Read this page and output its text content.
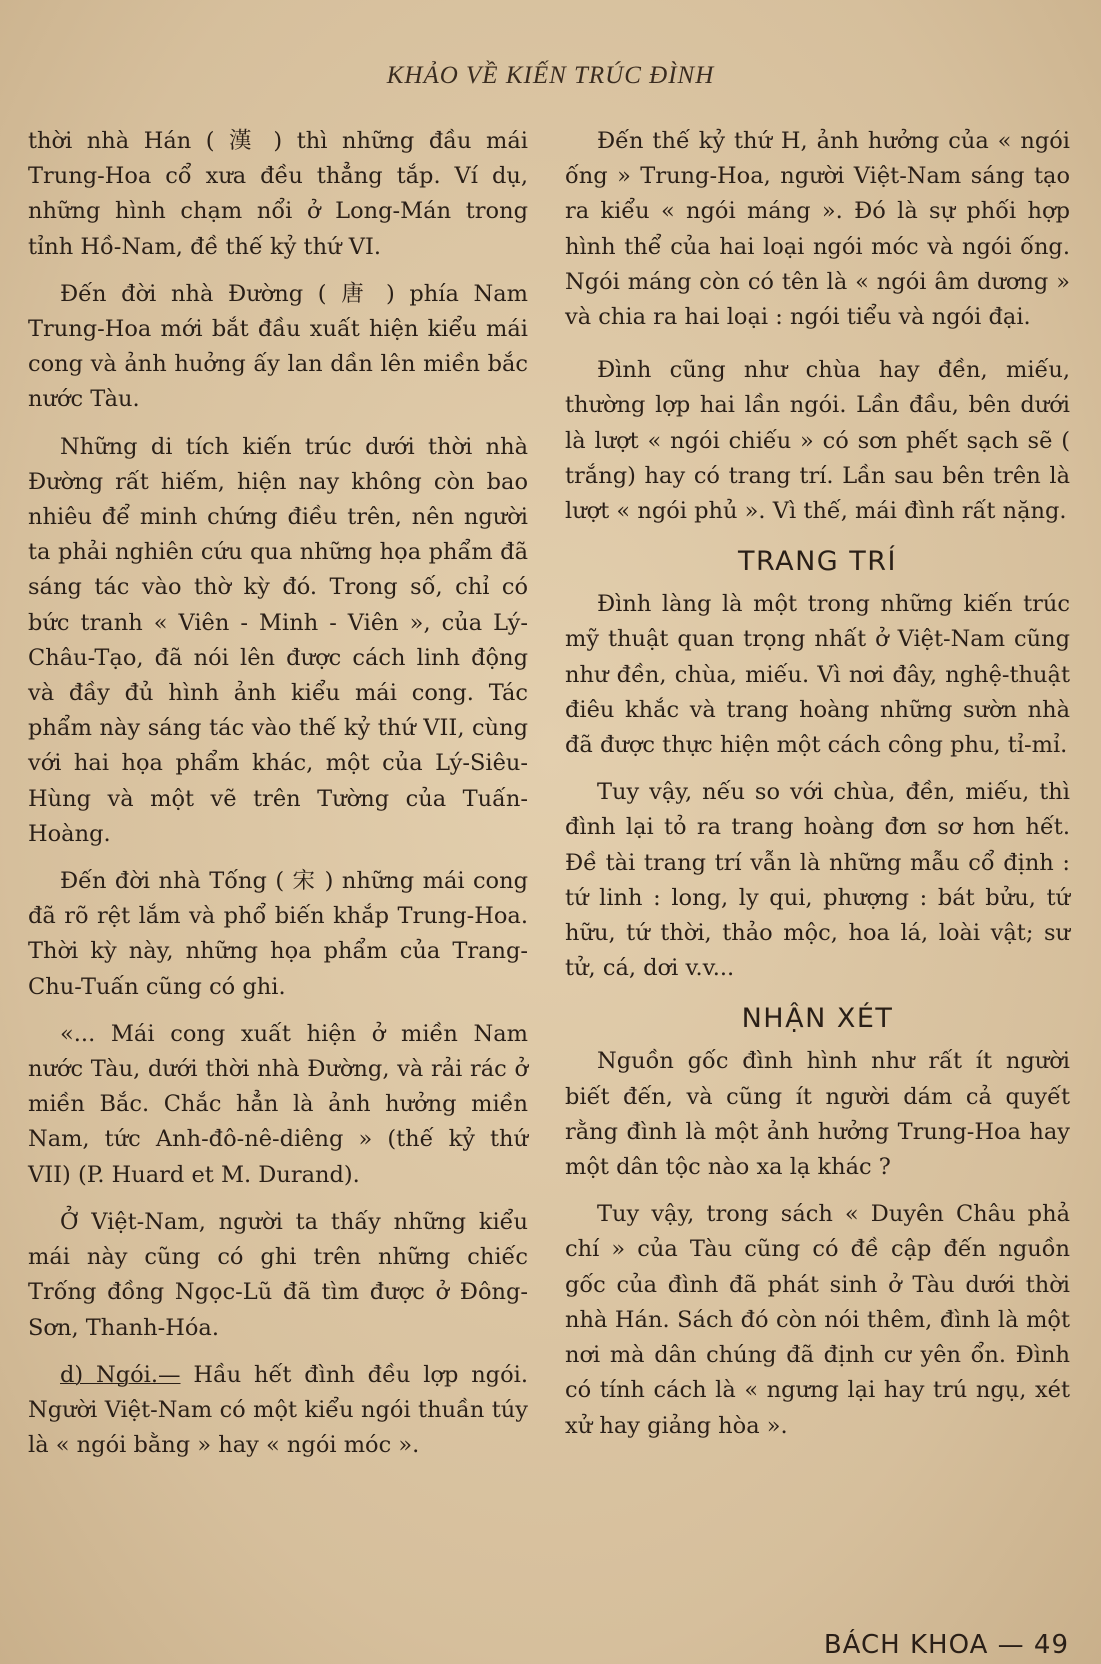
KHẢO VỀ KIẾN TRÚC ĐÌNH

thời nhà Hán ( 漢 ) thì những đầu mái Trung-Hoa cổ xưa đều thẳng tắp. Ví dụ, những hình chạm nổi ở Long-Mán trong tỉnh Hồ-Nam, đề thế kỷ thứ VI.

Đến đời nhà Đường ( 唐 ) phía Nam Trung-Hoa mới bắt đầu xuất hiện kiểu mái cong và ảnh huởng ấy lan dần lên miền bắc nước Tàu.

Những di tích kiến trúc dưới thời nhà Đường rất hiếm, hiện nay không còn bao nhiêu để minh chứng điều trên, nên người ta phải nghiên cứu qua những họa phẩm đã sáng tác vào thờ kỳ đó. Trong số, chỉ có bức tranh « Viên - Minh - Viên », của Lý-Châu-Tạo, đã nói lên được cách linh động và đầy đủ hình ảnh kiểu mái cong. Tác phẩm này sáng tác vào thế kỷ thứ VII, cùng với hai họa phẩm khác, một của Lý-Siêu-Hùng và một vẽ trên Tường của Tuấn-Hoàng.

Đến đời nhà Tống ( 宋 ) những mái cong đã rõ rệt lắm và phổ biến khắp Trung-Hoa. Thời kỳ này, những họa phẩm của Trang-Chu-Tuấn cũng có ghi.

«... Mái cong xuất hiện ở miền Nam nước Tàu, dưới thời nhà Đường, và rải rác ở miền Bắc. Chắc hẳn là ảnh hưởng miền Nam, tức Anh-đô-nê-diêng » (thế kỷ thứ VII) (P. Huard et M. Durand).

Ở Việt-Nam, người ta thấy những kiểu mái này cũng có ghi trên những chiếc Trống đồng Ngọc-Lũ đã tìm được ở Đông-Sơn, Thanh-Hóa.

d) Ngói.— Hầu hết đình đều lợp ngói. Người Việt-Nam có một kiểu ngói thuần túy là « ngói bằng » hay « ngói móc ».

Đến thế kỷ thứ H, ảnh hưởng của « ngói ống » Trung-Hoa, người Việt-Nam sáng tạo ra kiểu « ngói máng ». Đó là sự phối hợp hình thể của hai loại ngói móc và ngói ống. Ngói máng còn có tên là « ngói âm dương » và chia ra hai loại : ngói tiểu và ngói đại.

Đình cũng như chùa hay đền, miếu, thường lợp hai lần ngói. Lần đầu, bên dưới là lượt « ngói chiếu » có sơn phết sạch sẽ ( trắng) hay có trang trí. Lần sau bên trên là lượt « ngói phủ ». Vì thế, mái đình rất nặng.

TRANG TRÍ

Đình làng là một trong những kiến trúc mỹ thuật quan trọng nhất ở Việt-Nam cũng như đền, chùa, miếu. Vì nơi đây, nghệ-thuật điêu khắc và trang hoàng những sườn nhà đã được thực hiện một cách công phu, tỉ-mỉ.

Tuy vậy, nếu so với chùa, đền, miếu, thì đình lại tỏ ra trang hoàng đơn sơ hơn hết. Đề tài trang trí vẫn là những mẫu cổ định : tứ linh : long, ly qui, phượng : bát bửu, tứ hữu, tứ thời, thảo mộc, hoa lá, loài vật; sư tử, cá, dơi v.v...

NHẬN XÉT

Nguồn gốc đình hình như rất ít người biết đến, và cũng ít người dám cả quyết rằng đình là một ảnh hưởng Trung-Hoa hay một dân tộc nào xa lạ khác ?

Tuy vậy, trong sách « Duyên Châu phả chí » của Tàu cũng có đề cập đến nguồn gốc của đình đã phát sinh ở Tàu dưới thời nhà Hán. Sách đó còn nói thêm, đình là một nơi mà dân chúng đã định cư yên ổn. Đình có tính cách là « ngưng lại hay trú ngụ, xét xử hay giảng hòa ».

BÁCH KHOA — 49
